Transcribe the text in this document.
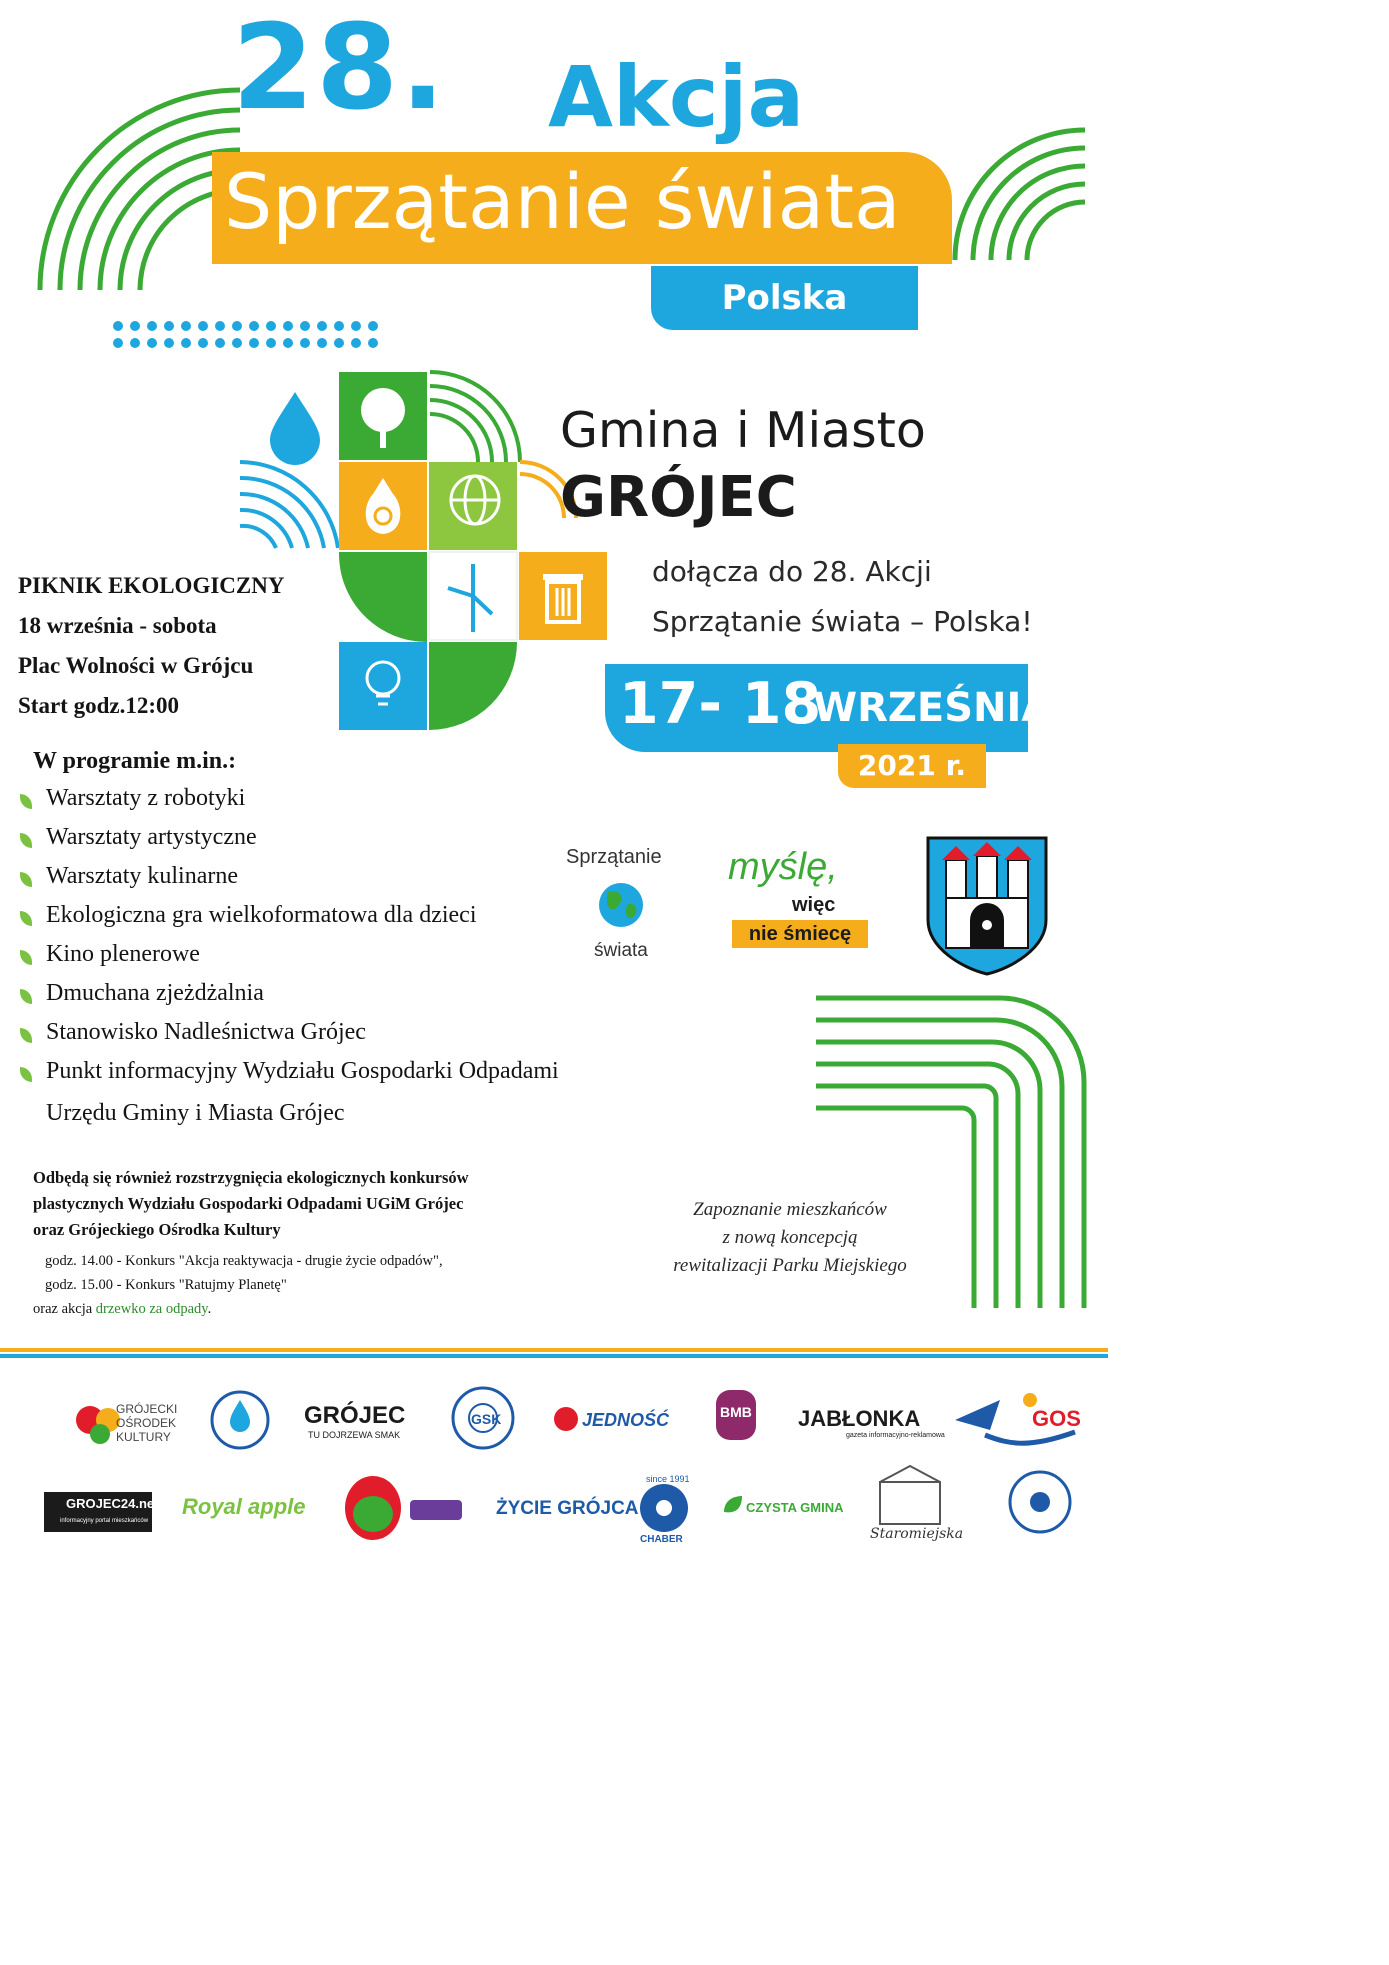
GSK
28. Akcja
Sprzątanie świata
Polska
Gmina i Miasto
GRÓJEC
dołącza do 28. Akcji
Sprzątanie świata – Polska!
17- 18
WRZEŚNIA
2021 r.
PIKNIK EKOLOGICZNY
18 września - sobota
Plac Wolności w Grójcu
Start godz.12:00
W programie m.in.:
Warsztaty z robotyki
Warsztaty artystyczne
Warsztaty kulinarne
Ekologiczna gra wielkoformatowa dla dzieci
Kino plenerowe
Dmuchana zjeżdżalnia
Stanowisko Nadleśnictwa Grójec
Punkt informacyjny Wydziału Gospodarki Odpadami
Urzędu Gminy i Miasta Grójec
Odbędą się również rozstrzygnięcia ekologicznych konkursów
plastycznych Wydziału Gospodarki Odpadami UGiM Grójec
oraz Grójeckiego Ośrodka Kultury
godz. 14.00 - Konkurs "Akcja reaktywacja - drugie życie odpadów",
godz. 15.00 - Konkurs "Ratujmy Planetę"
oraz akcja drzewko za odpady.
Zapoznanie mieszkańców
z nową koncepcją
rewitalizacji Parku Miejskiego
Sprzątanie
świata
myślę,
więc
nie śmiecę
GRÓJECKI
OŚRODEK
KULTURY
GRÓJEC
TU DOJRZEWA SMAK
JEDNOŚĆ	BMB JABŁONKA
gazeta informacyjno-reklamowa
GOS
GROJEC24.net
informacyjny portal mieszkańców
Royal apple	ŻYCIE GRÓJCA
since 1991
CHABER
CZYSTA GMINA
Staromiejska
